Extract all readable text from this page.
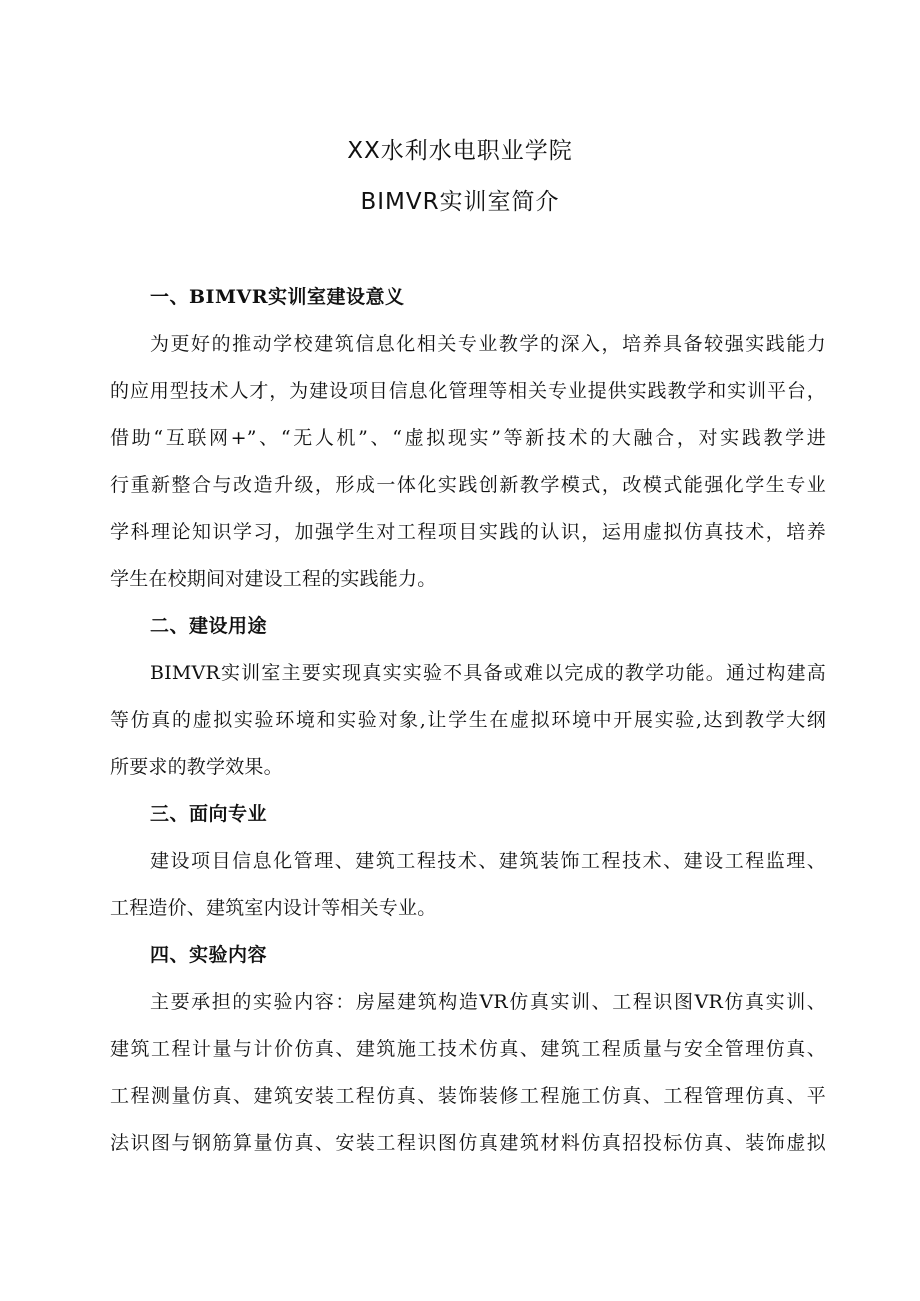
XX水利水电职业学院
BIMVR实训室简介
一、BIMVR实训室建设意义
为更好的推动学校建筑信息化相关专业教学的深入，培养具备较强实践能力
的应用型技术人才，为建设项目信息化管理等相关专业提供实践教学和实训平台，
借助“互联网+”、“无人机”、“虚拟现实”等新技术的大融合，对实践教学进
行重新整合与改造升级，形成一体化实践创新教学模式，改模式能强化学生专业
学科理论知识学习，加强学生对工程项目实践的认识，运用虚拟仿真技术，培养
学生在校期间对建设工程的实践能力。
二、建设用途
BIMVR实训室主要实现真实实验不具备或难以完成的教学功能。通过构建高
等仿真的虚拟实验环境和实验对象,让学生在虚拟环境中开展实验,达到教学大纲
所要求的教学效果。
三、面向专业
建设项目信息化管理、建筑工程技术、建筑装饰工程技术、建设工程监理、
工程造价、建筑室内设计等相关专业。
四、实验内容
主要承担的实验内容：房屋建筑构造VR仿真实训、工程识图VR仿真实训、
建筑工程计量与计价仿真、建筑施工技术仿真、建筑工程质量与安全管理仿真、
工程测量仿真、建筑安装工程仿真、装饰装修工程施工仿真、工程管理仿真、平
法识图与钢筋算量仿真、安装工程识图仿真建筑材料仿真招投标仿真、装饰虚拟
